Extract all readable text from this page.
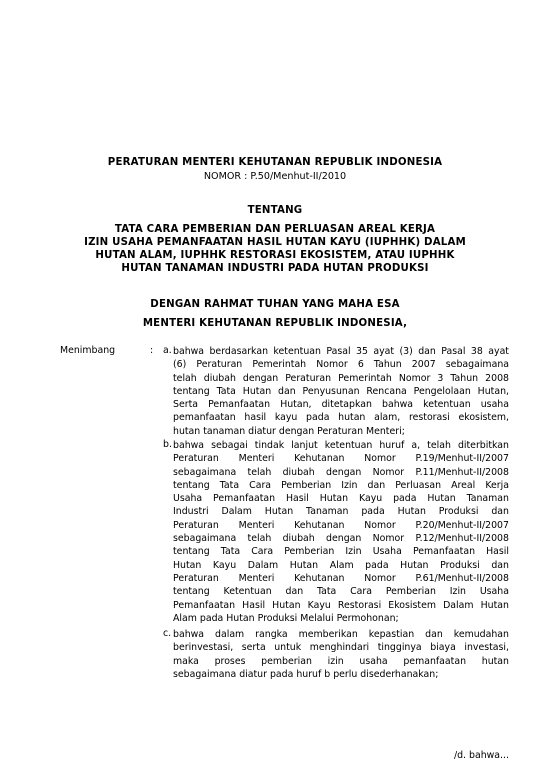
PERATURAN MENTERI KEHUTANAN REPUBLIK INDONESIA
NOMOR : P.50/Menhut-II/2010
TENTANG
TATA CARA PEMBERIAN DAN PERLUASAN AREAL KERJA
IZIN USAHA PEMANFAATAN HASIL HUTAN KAYU (IUPHHK) DALAM
HUTAN ALAM, IUPHHK RESTORASI EKOSISTEM, ATAU IUPHHK
HUTAN TANAMAN INDUSTRI PADA HUTAN PRODUKSI
DENGAN RAHMAT TUHAN YANG MAHA ESA
MENTERI KEHUTANAN REPUBLIK INDONESIA,
Menimbang	: a. bahwa berdasarkan ketentuan Pasal 35 ayat (3) dan Pasal 38 ayat
(6) Peraturan Pemerintah Nomor 6 Tahun 2007 sebagaimana
telah diubah dengan Peraturan Pemerintah Nomor 3 Tahun 2008
tentang Tata Hutan dan Penyusunan Rencana Pengelolaan Hutan,
Serta Pemanfaatan Hutan, ditetapkan bahwa ketentuan usaha
pemanfaatan hasil kayu pada hutan alam, restorasi ekosistem,
hutan tanaman diatur dengan Peraturan Menteri;
b. bahwa sebagai tindak lanjut ketentuan huruf a, telah diterbitkan
Peraturan Menteri Kehutanan Nomor P.19/Menhut-II/2007
sebagaimana telah diubah dengan Nomor P.11/Menhut-II/2008
tentang Tata Cara Pemberian Izin dan Perluasan Areal Kerja
Usaha Pemanfaatan Hasil Hutan Kayu pada Hutan Tanaman
Industri Dalam Hutan Tanaman pada Hutan Produksi dan
Peraturan Menteri Kehutanan Nomor P.20/Menhut-II/2007
sebagaimana telah diubah dengan Nomor P.12/Menhut-II/2008
tentang Tata Cara Pemberian Izin Usaha Pemanfaatan Hasil
Hutan Kayu Dalam Hutan Alam pada Hutan Produksi dan
Peraturan Menteri Kehutanan Nomor P.61/Menhut-II/2008
tentang Ketentuan dan Tata Cara Pemberian Izin Usaha
Pemanfaatan Hasil Hutan Kayu Restorasi Ekosistem Dalam Hutan
Alam pada Hutan Produksi Melalui Permohonan;
c. bahwa dalam rangka memberikan kepastian dan kemudahan
berinvestasi, serta untuk menghindari tingginya biaya investasi,
maka proses pemberian izin usaha pemanfaatan hutan
sebagaimana diatur pada huruf b perlu disederhanakan;
/d. bahwa...
